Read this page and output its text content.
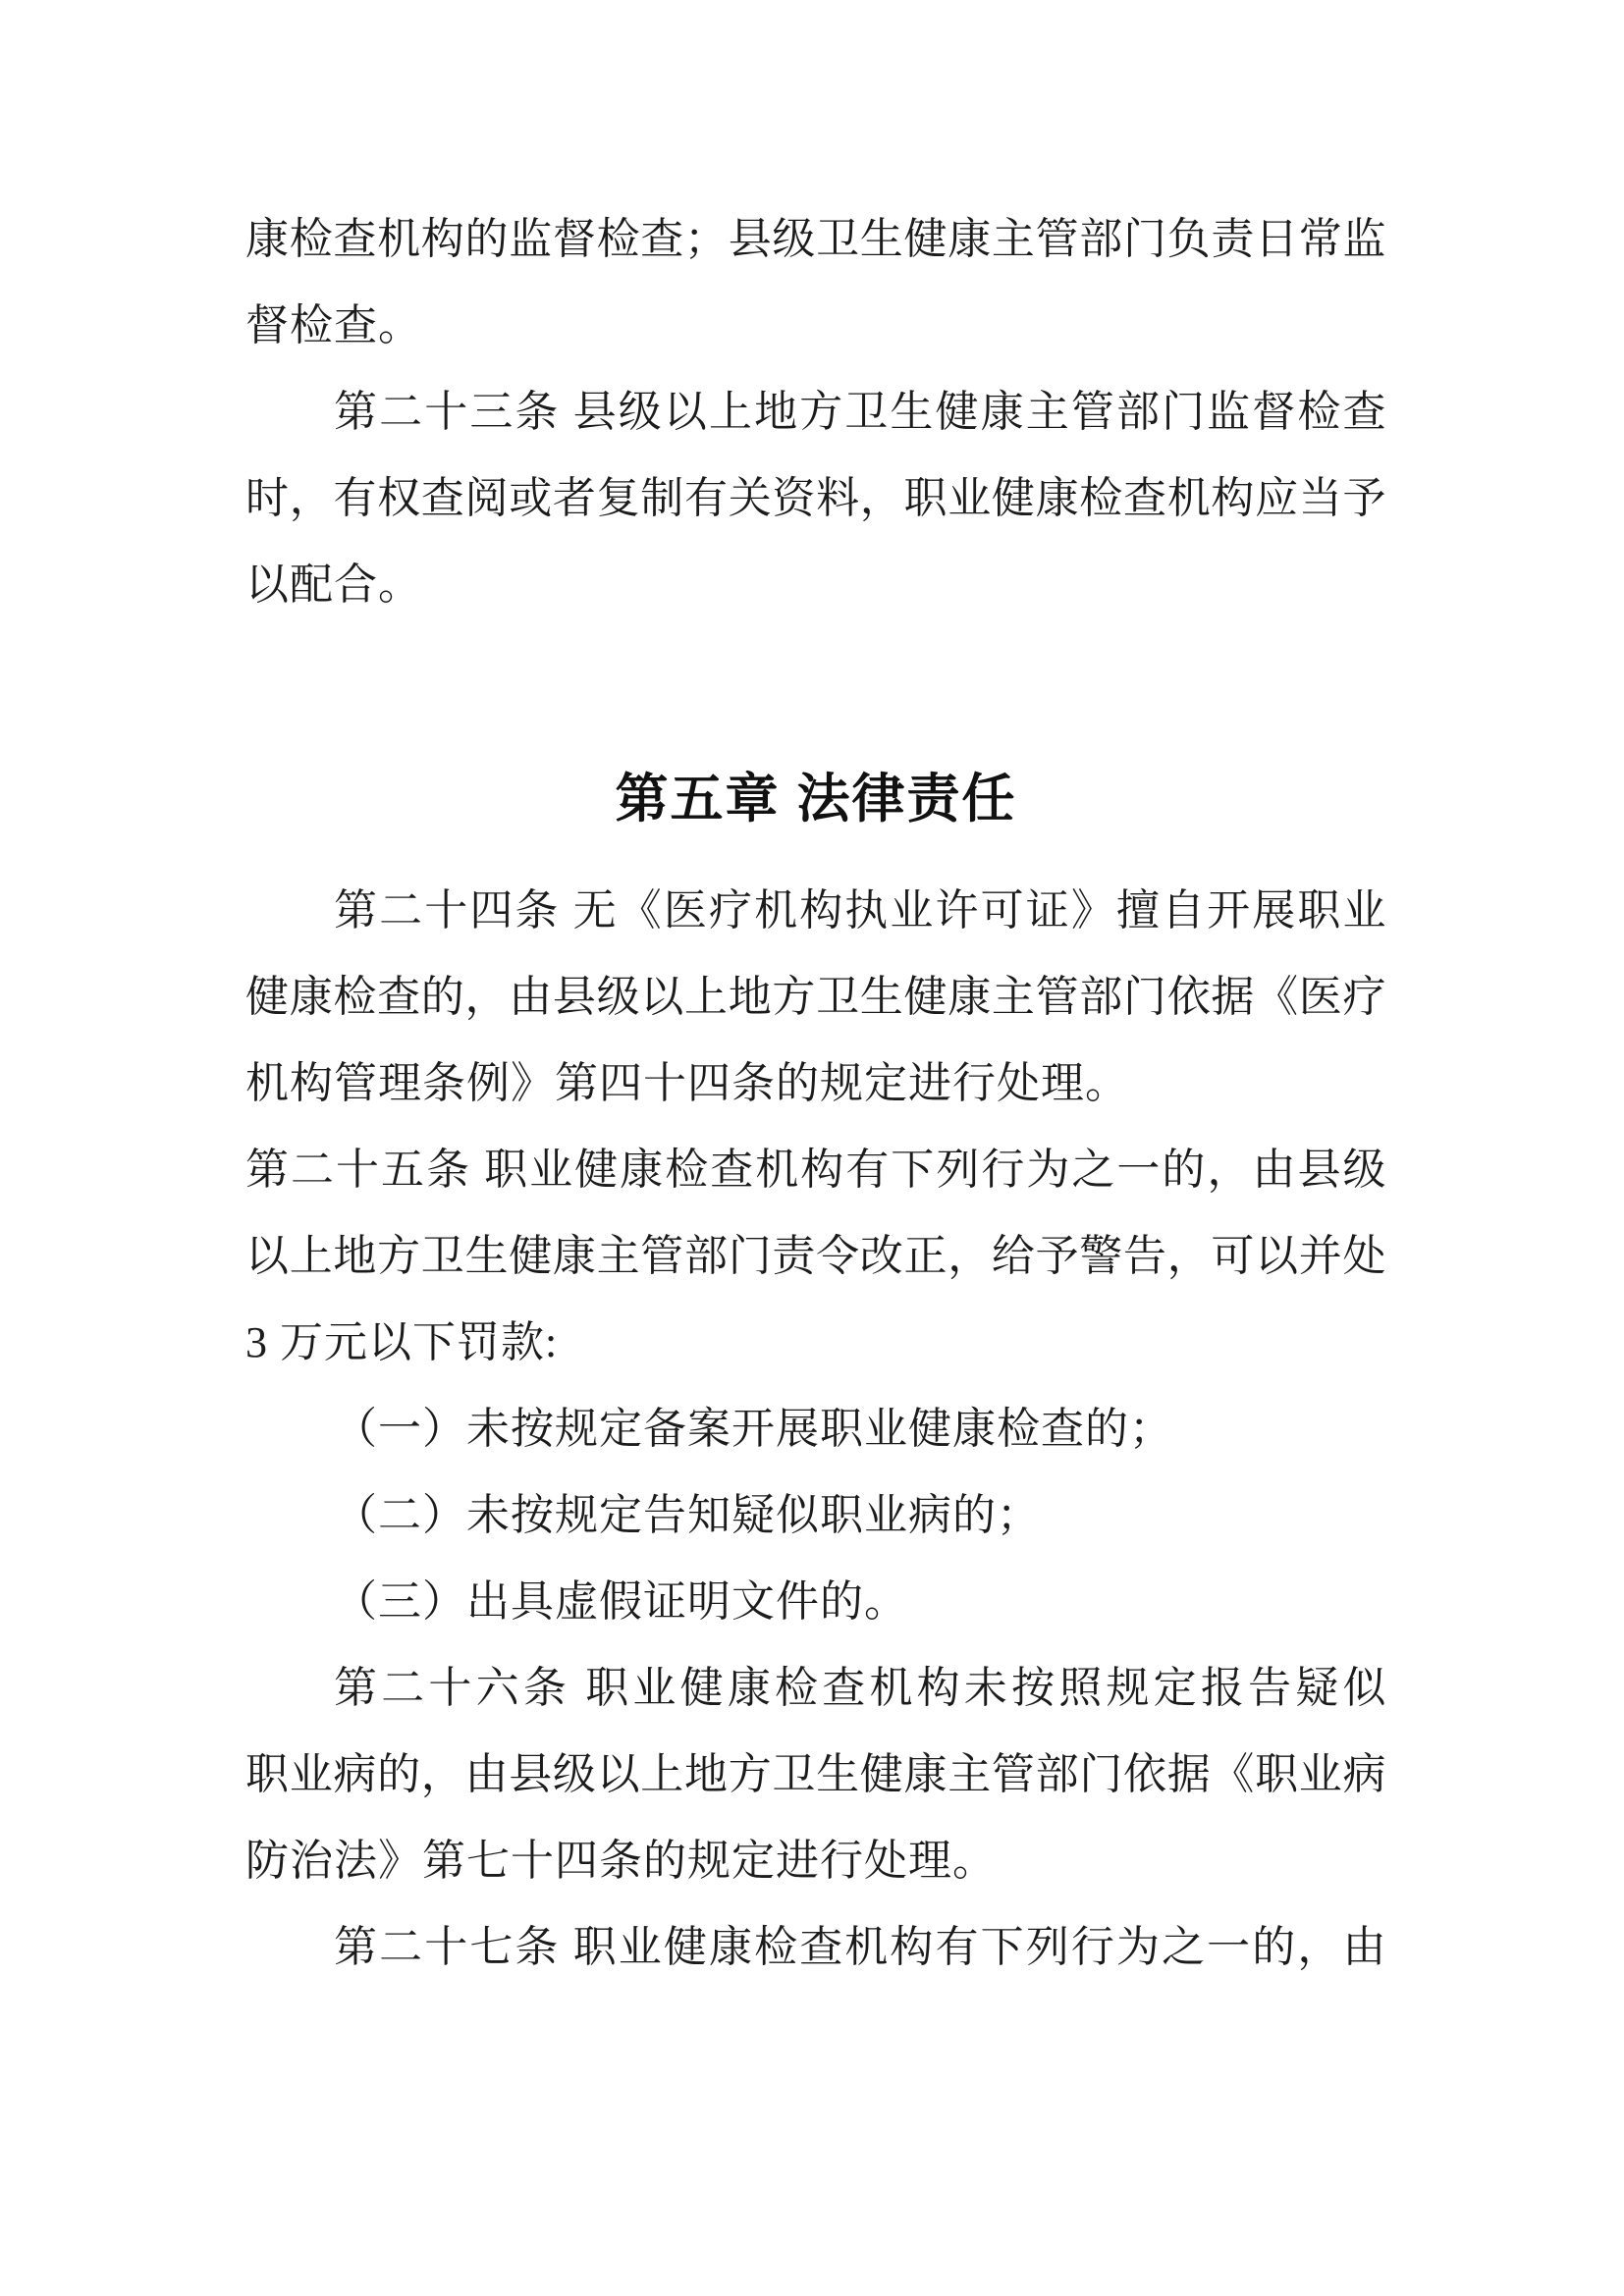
康检查机构的监督检查；县级卫生健康主管部门负责日常监
督检查。
第二十三条 县级以上地方卫生健康主管部门监督检查
时，有权查阅或者复制有关资料，职业健康检查机构应当予
以配合。
第五章 法律责任
第二十四条 无《医疗机构执业许可证》擅自开展职业
健康检查的，由县级以上地方卫生健康主管部门依据《医疗
机构管理条例》第四十四条的规定进行处理。
第二十五条 职业健康检查机构有下列行为之一的，由县级
以上地方卫生健康主管部门责令改正，给予警告，可以并处
3 万元以下罚款:
（一）未按规定备案开展职业健康检查的；
（二）未按规定告知疑似职业病的；
（三）出具虚假证明文件的。
第二十六条 职业健康检查机构未按照规定报告疑似
职业病的，由县级以上地方卫生健康主管部门依据《职业病
防治法》第七十四条的规定进行处理。
第二十七条 职业健康检查机构有下列行为之一的，由
